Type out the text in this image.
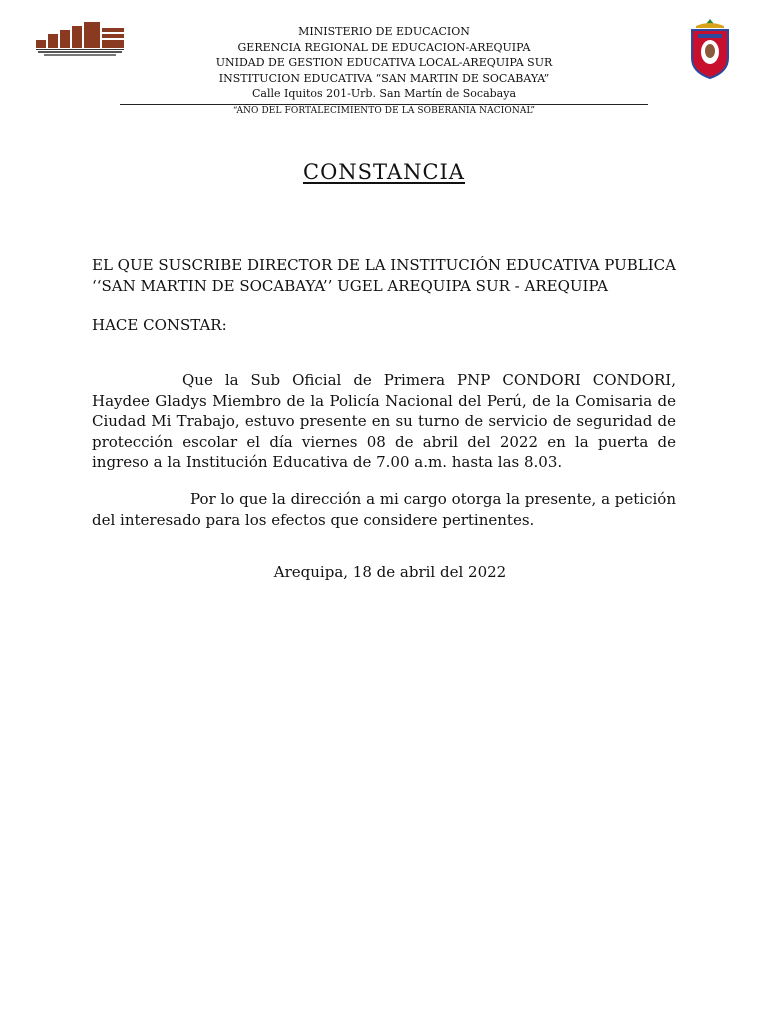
MINISTERIO DE EDUCACION
GERENCIA REGIONAL DE EDUCACION-AREQUIPA
UNIDAD DE GESTION EDUCATIVA LOCAL-AREQUIPA SUR
INSTITUCION EDUCATIVA “SAN MARTIN DE SOCABAYA”
Calle Iquitos 201-Urb. San Martín de Socabaya
“AÑO DEL FORTALECIMIENTO DE LA SOBERANIA NACIONAL”
CONSTANCIA
EL QUE SUSCRIBE DIRECTOR DE LA INSTITUCIÓN EDUCATIVA PUBLICA
‘‘SAN MARTIN DE SOCABAYA’’ UGEL AREQUIPA SUR - AREQUIPA
HACE CONSTAR:
Que la Sub Oficial de Primera PNP CONDORI CONDORI, Haydee Gladys Miembro de la Policía Nacional del Perú, de la Comisaria de Ciudad Mi Trabajo, estuvo presente en su turno de servicio de seguridad de protección escolar el día viernes 08 de abril del 2022 en la puerta de ingreso a la Institución Educativa de 7.00 a.m. hasta las 8.03.
Por lo que la dirección a mi cargo otorga la presente, a petición del interesado para los efectos que considere pertinentes.
Arequipa, 18 de abril del 2022
